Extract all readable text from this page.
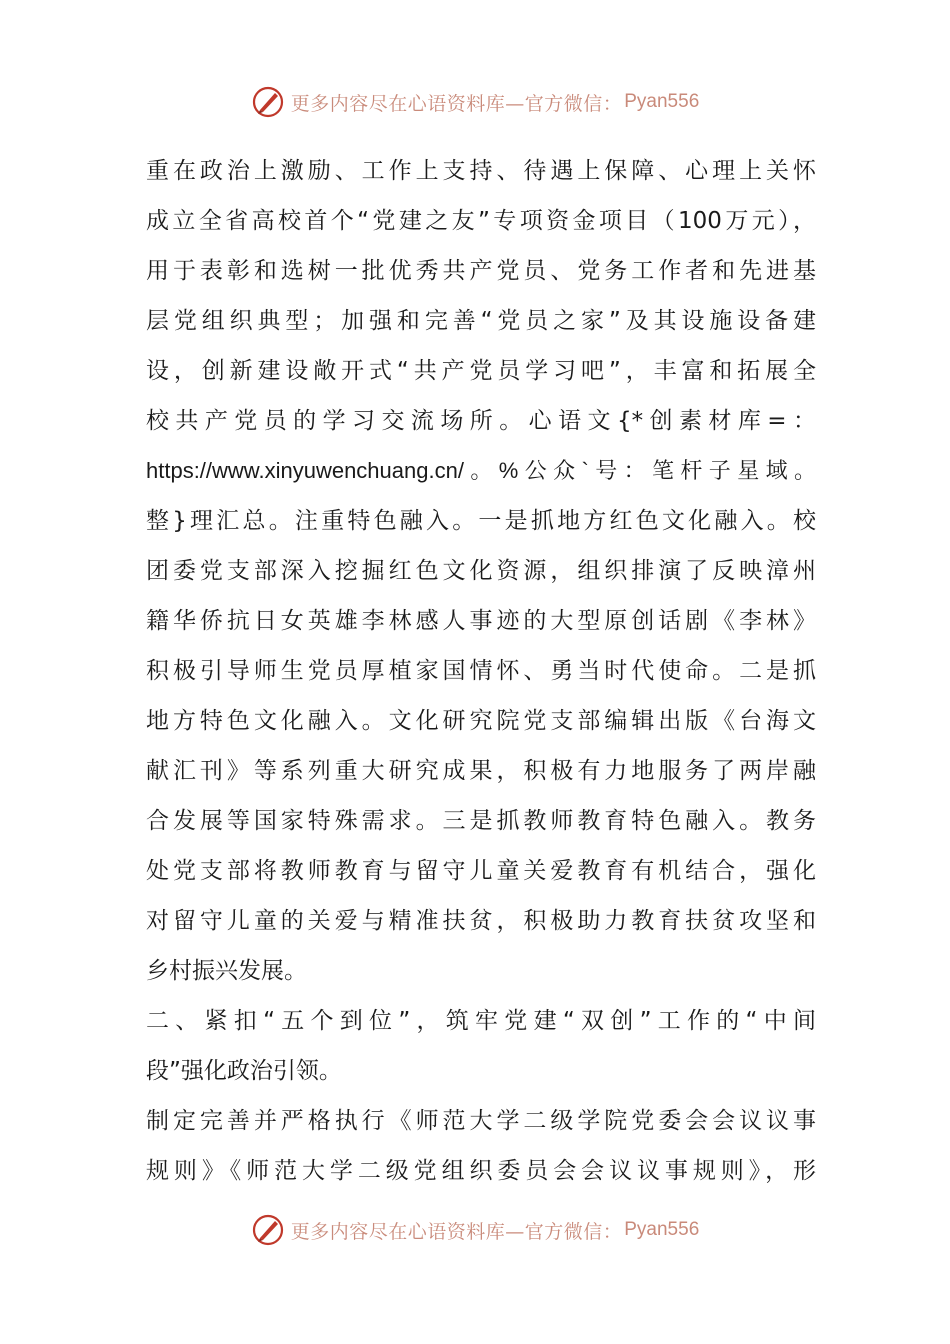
更多内容尽在心语资料库—官方微信： Pyan556
重在政治上激励、工作上支持、待遇上保障、心理上关怀
成立全省高校首个“党建之友”专项资金项目（100万元），
用于表彰和选树一批优秀共产党员、党务工作者和先进基
层党组织典型；加强和完善“党员之家”及其设施设备建
设，创新建设敞开式“共产党员学习吧”，丰富和拓展全
校共产党员的学习交流场所。心语文{*创素材库=：
https://www.xinyuwenchuang.cn/。%公众`号：笔杆子星域。
整}理汇总。注重特色融入。一是抓地方红色文化融入。校
团委党支部深入挖掘红色文化资源，组织排演了反映漳州
籍华侨抗日女英雄李林感人事迹的大型原创话剧《李林》
积极引导师生党员厚植家国情怀、勇当时代使命。二是抓
地方特色文化融入。文化研究院党支部编辑出版《台海文
献汇刊》等系列重大研究成果，积极有力地服务了两岸融
合发展等国家特殊需求。三是抓教师教育特色融入。教务
处党支部将教师教育与留守儿童关爱教育有机结合，强化
对留守儿童的关爱与精准扶贫，积极助力教育扶贫攻坚和
乡村振兴发展。
二、紧扣“五个到位”，筑牢党建“双创”工作的“中间
段”强化政治引领。
制定完善并严格执行《师范大学二级学院党委会会议议事
规则》《师范大学二级党组织委员会会议议事规则》，形
更多内容尽在心语资料库—官方微信： Pyan556
